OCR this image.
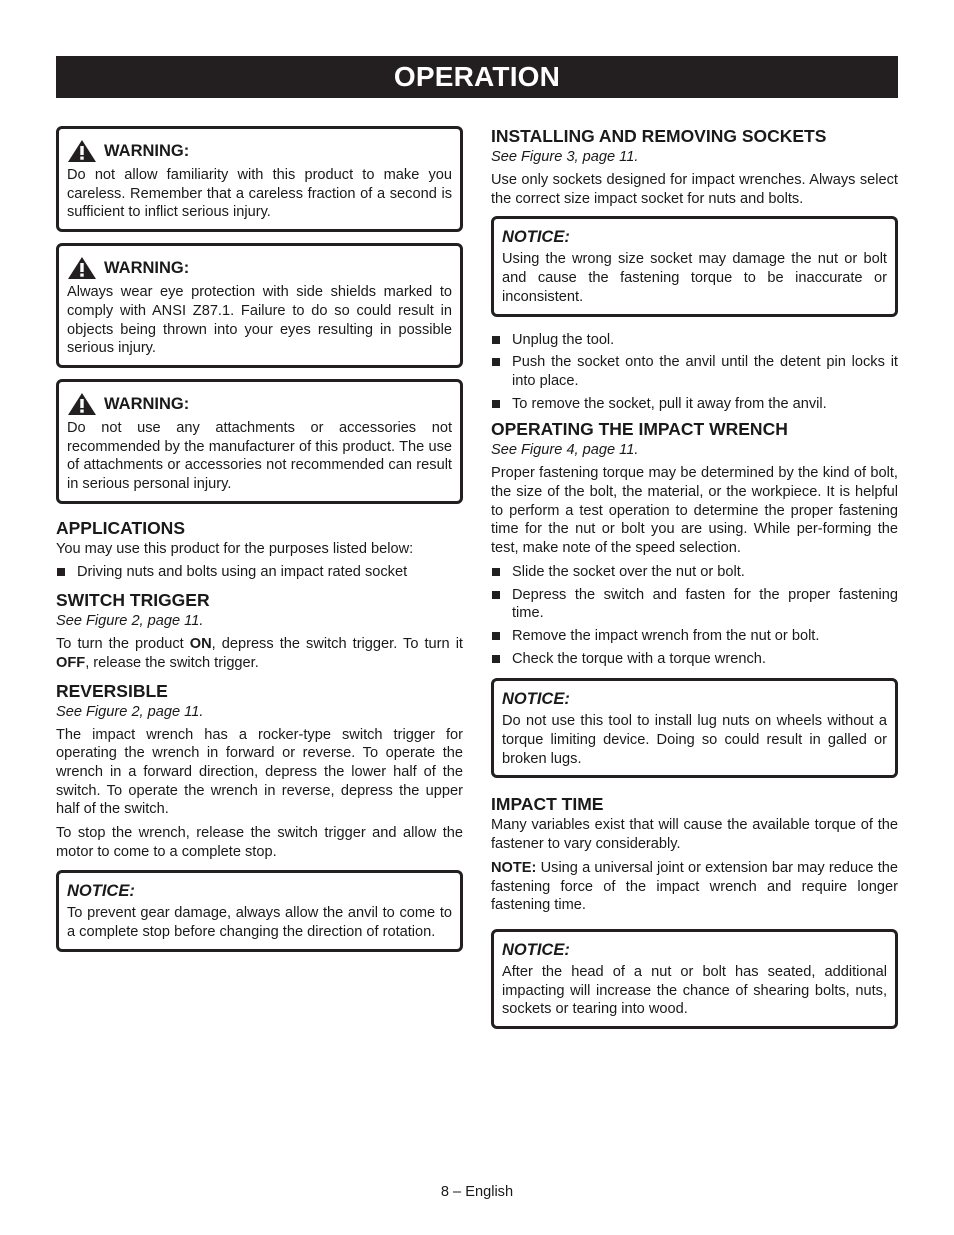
OPERATION
WARNING:

Do not allow familiarity with this product to make you careless. Remember that a careless fraction of a second is sufficient to inflict serious injury.

WARNING:

Always wear eye protection with side shields marked to comply with ANSI Z87.1. Failure to do so could result in objects being thrown into your eyes resulting in possible serious injury.

WARNING:

Do not use any attachments or accessories not recommended by the manufacturer of this product. The use of attachments or accessories not recommended can result in serious personal injury.

APPLICATIONS

You may use this product for the purposes listed below:

Driving nuts and bolts using an impact rated socket
SWITCH TRIGGER
See Figure 2, page 11.

To turn the product ON, depress the switch trigger. To turn it OFF, release the switch trigger.

REVERSIBLE
See Figure 2, page 11.

The impact wrench has a rocker-type switch trigger for operating the wrench in forward or reverse. To operate the wrench in a forward direction, depress the lower half of the switch. To operate the wrench in reverse, depress the upper half of the switch.

To stop the wrench, release the switch trigger and allow the motor to come to a complete stop.

NOTICE:

To prevent gear damage, always allow the anvil to come to a complete stop before changing the direction of rotation.

INSTALLING AND REMOVING SOCKETS
See Figure 3, page 11.

Use only sockets designed for impact wrenches. Always select the correct size impact socket for nuts and bolts.

NOTICE:

Using the wrong size socket may damage the nut or bolt and cause the fastening torque to be inaccurate or inconsistent.

Unplug the tool.
Push the socket onto the anvil until the detent pin locks it into place.
To remove the socket, pull it away from the anvil.
OPERATING THE IMPACT WRENCH
See Figure 4, page 11.

Proper fastening torque may be determined by the kind of bolt, the size of the bolt, the material, or the workpiece. It is helpful to perform a test operation to determine the proper fastening time for the nut or bolt you are using. While per-forming the test, make note of the speed selection.

Slide the socket over the nut or bolt.
Depress the switch and fasten for the proper fastening time.
Remove the impact wrench from the nut or bolt.
Check the torque with a torque wrench.
NOTICE:

Do not use this tool to install lug nuts on wheels without a torque limiting device. Doing so could result in galled or broken lugs.

IMPACT TIME

Many variables exist that will cause the available torque of the fastener to vary considerably.

NOTE: Using a universal joint or extension bar may reduce the fastening force of the impact wrench and require longer fastening time.

NOTICE:

After the head of a nut or bolt has seated, additional impacting will increase the chance of shearing bolts, nuts, sockets or tearing into wood.

8 – English
